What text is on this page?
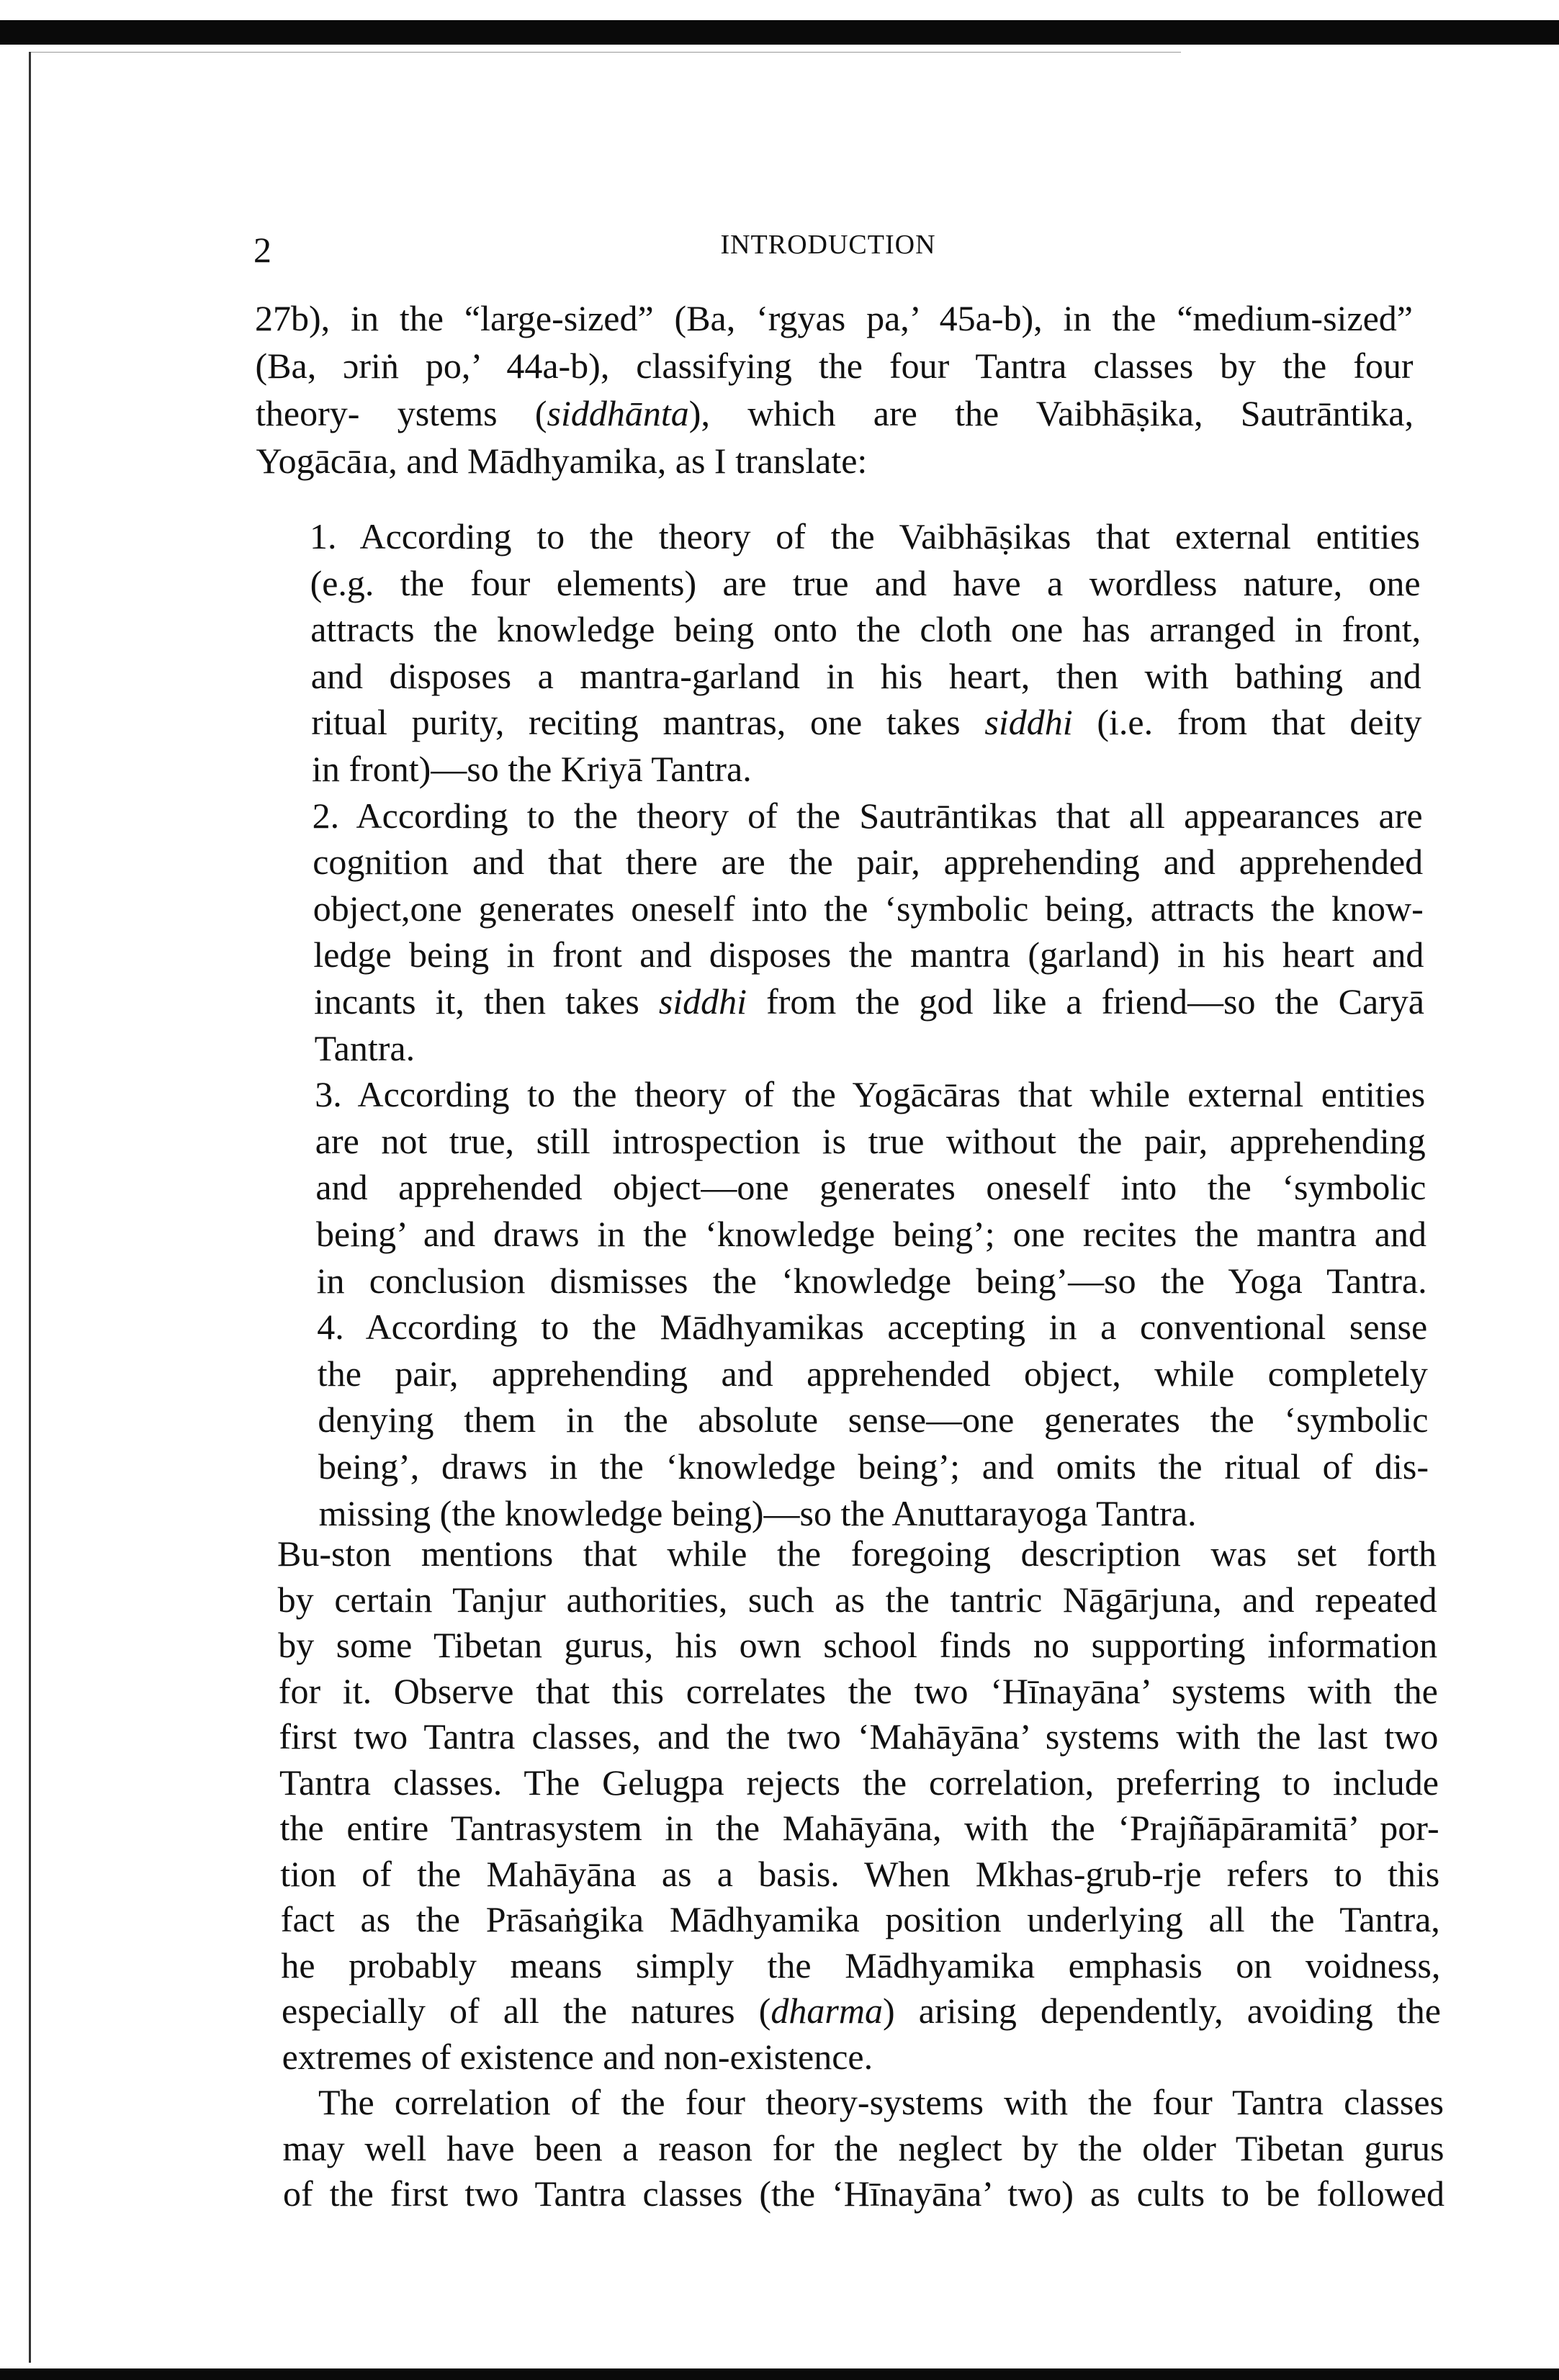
2	INTRODUCTION
27b), in the “large-sized” (Ba, ‘rgyas pa,’ 45a-b), in the “medium-sized”
(Ba, ɔriṅ po,’ 44a-b), classifying the four Tantra classes by the four
theory- ystems (siddhānta), which are the Vaibhāṣika, Sautrāntika,
Yogācāɪa, and Mādhyamika, as I translate:
1. According to the theory of the Vaibhāṣikas that external entities
(e.g. the four elements) are true and have a wordless nature, one
attracts the knowledge being onto the cloth one has arranged in front,
and disposes a mantra-garland in his heart, then with bathing and
ritual purity, reciting mantras, one takes siddhi (i.e. from that deity
in front)—so the Kriyā Tantra.
2. According to the theory of the Sautrāntikas that all appearances are
cognition and that there are the pair, apprehending and apprehended
object,one generates oneself into the ‘symbolic being, attracts the know-
ledge being in front and disposes the mantra (garland) in his heart and
incants it, then takes siddhi from the god like a friend—so the Caryā
Tantra.
3. According to the theory of the Yogācāras that while external entities
are not true, still introspection is true without the pair, apprehending
and apprehended object—one generates oneself into the ‘symbolic
being’ and draws in the ‘knowledge being’; one recites the mantra and
in conclusion dismisses the ‘knowledge being’—so the Yoga Tantra.
4. According to the Mādhyamikas accepting in a conventional sense
the pair, apprehending and apprehended object, while completely
denying them in the absolute sense—one generates the ‘symbolic
being’, draws in the ‘knowledge being’; and omits the ritual of dis-
missing (the knowledge being)—so the Anuttarayoga Tantra.
Bu-ston mentions that while the foregoing description was set forth
by certain Tanjur authorities, such as the tantric Nāgārjuna, and repeated
by some Tibetan gurus, his own school finds no supporting information
for it. Observe that this correlates the two ‘Hīnayāna’ systems with the
first two Tantra classes, and the two ‘Mahāyāna’ systems with the last two
Tantra classes. The Gelugpa rejects the correlation, preferring to include
the entire Tantrasystem in the Mahāyāna, with the ‘Prajñāpāramitā’ por-
tion of the Mahāyāna as a basis. When Mkhas-grub-rje refers to this
fact as the Prāsaṅgika Mādhyamika position underlying all the Tantra,
he probably means simply the Mādhyamika emphasis on voidness,
especially of all the natures (dharma) arising dependently, avoiding the
extremes of existence and non-existence.
The correlation of the four theory-systems with the four Tantra classes
may well have been a reason for the neglect by the older Tibetan gurus
of the first two Tantra classes (the ‘Hīnayāna’ two) as cults to be followed
